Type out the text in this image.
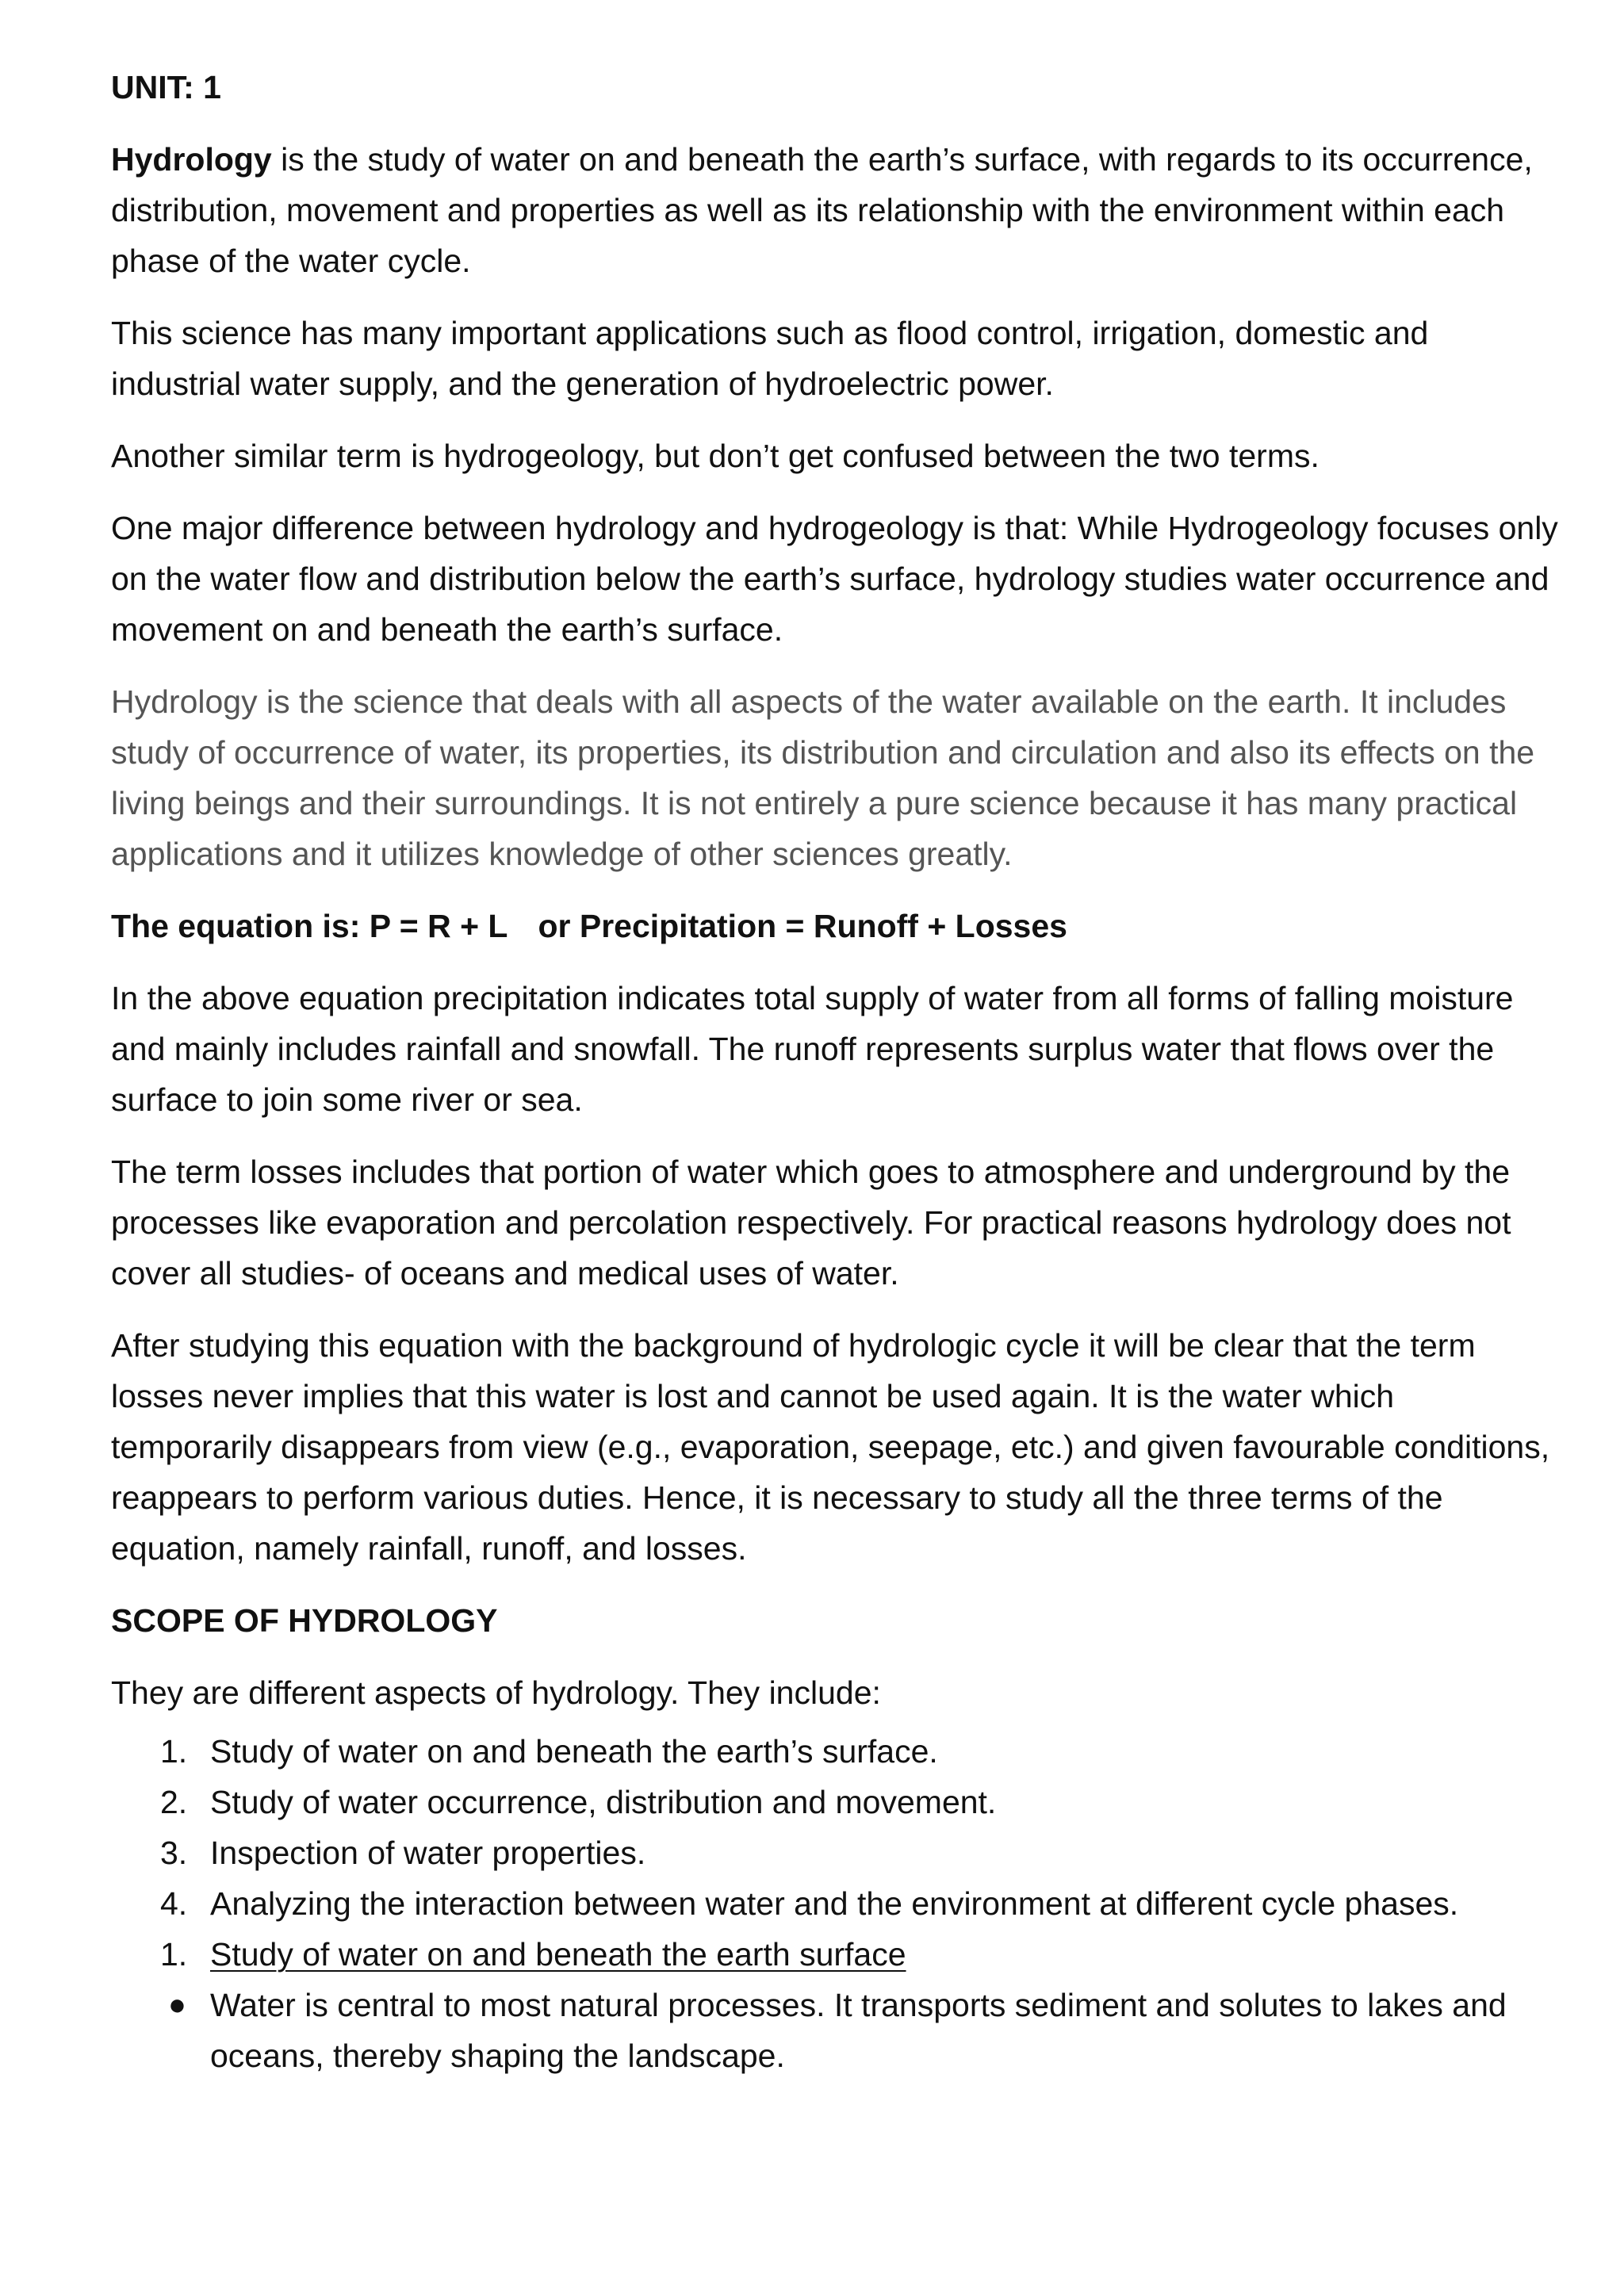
UNIT: 1

Hydrology is the study of water on and beneath the earth’s surface, with regards to its occurrence, distribution, movement and properties as well as its relationship with the environment within each phase of the water cycle.

This science has many important applications such as flood control, irrigation, domestic and industrial water supply, and the generation of hydroelectric power.

Another similar term is hydrogeology, but don’t get confused between the two terms.

One major difference between hydrology and hydrogeology is that: While Hydrogeology focuses only on the water flow and distribution below the earth’s surface, hydrology studies water occurrence and movement on and beneath the earth’s surface.

Hydrology is the science that deals with all aspects of the water available on the earth. It includes study of occurrence of water, its properties, its distribution and circulation and also its effects on the living beings and their surroundings. It is not entirely a pure science because it has many practical applications and it utilizes knowledge of other sciences greatly.

The equation is: P = R + L or Precipitation = Runoff + Losses

In the above equation precipitation indicates total supply of water from all forms of falling moisture and mainly includes rainfall and snowfall. The runoff represents surplus water that flows over the surface to join some river or sea.

The term losses includes that portion of water which goes to atmosphere and underground by the processes like evaporation and percolation respectively. For practical reasons hydrology does not cover all studies- of oceans and medical uses of water.

After studying this equation with the background of hydrologic cycle it will be clear that the term losses never implies that this water is lost and cannot be used again. It is the water which temporarily disappears from view (e.g., evaporation, seepage, etc.) and given favourable conditions, reappears to perform various duties. Hence, it is necessary to study all the three terms of the equation, namely rainfall, runoff, and losses.

SCOPE OF HYDROLOGY

They are different aspects of hydrology. They include:

1. Study of water on and beneath the earth’s surface.
2. Study of water occurrence, distribution and movement.
3. Inspection of water properties.
4. Analyzing the interaction between water and the environment at different cycle phases.
1. Study of water on and beneath the earth surface
● Water is central to most natural processes. It transports sediment and solutes to lakes and oceans, thereby shaping the landscape.
